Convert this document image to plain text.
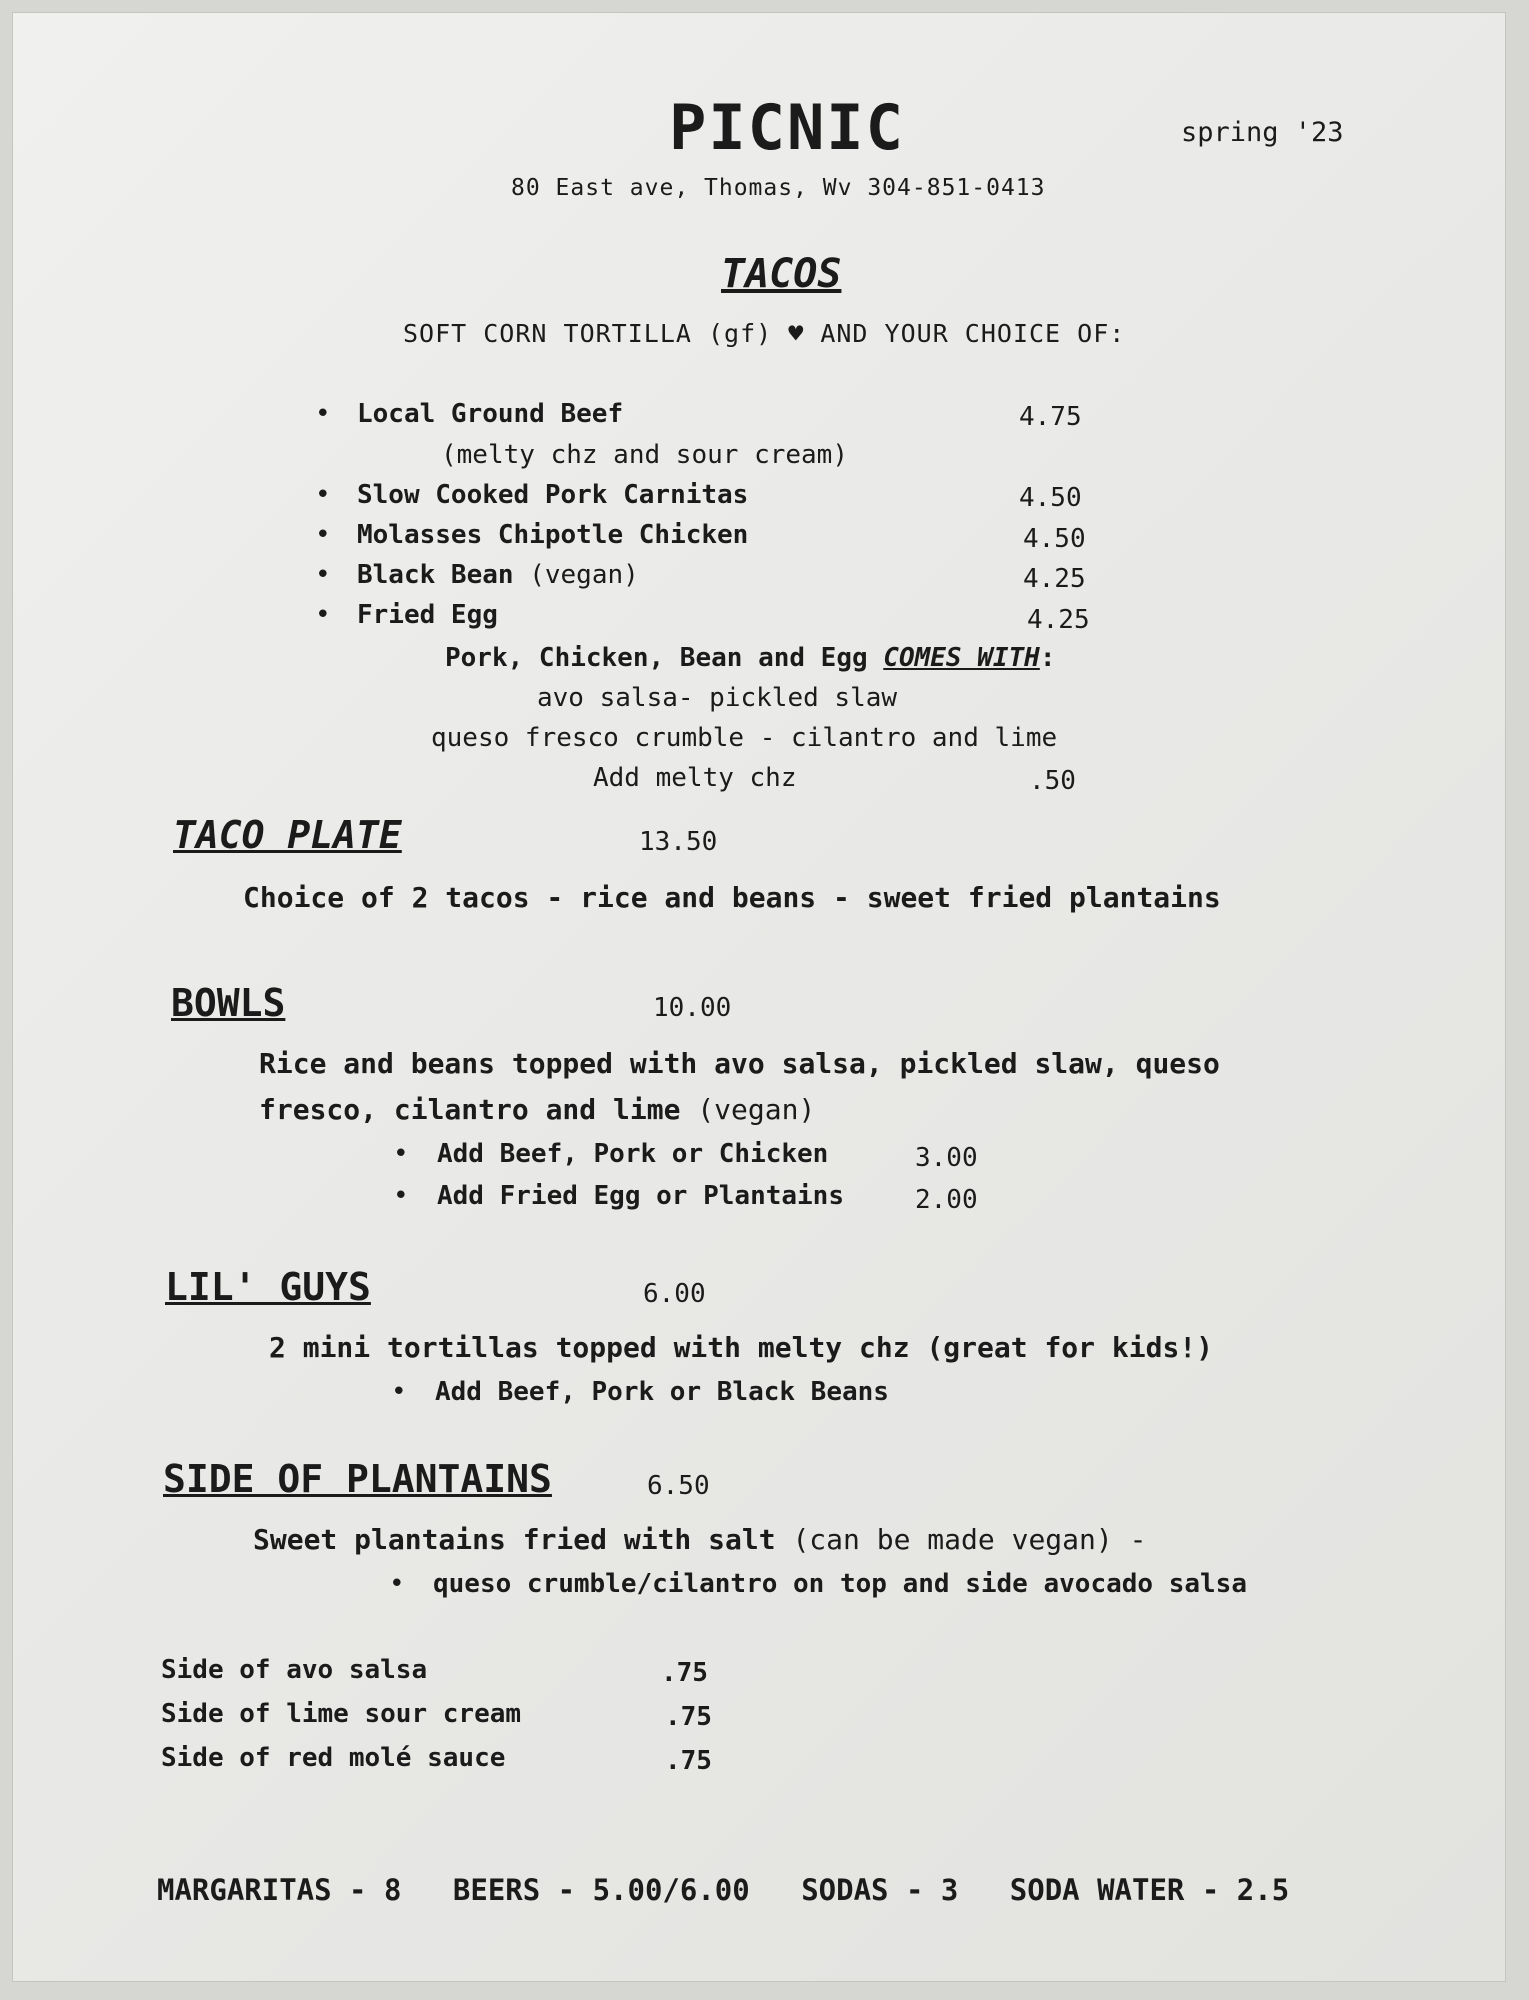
PICNIC	spring '23
80 East ave, Thomas, Wv 304-851-0413
TACOS
SOFT CORN TORTILLA (gf) ♥ AND YOUR CHOICE OF:
• Local Ground Beef	4.75
(melty chz and sour cream)
• Slow Cooked Pork Carnitas	4.50
• Molasses Chipotle Chicken	4.50
• Black Bean (vegan)	4.25
• Fried Egg	4.25
Pork, Chicken, Bean and Egg COMES WITH:
avo salsa- pickled slaw
queso fresco crumble - cilantro and lime
Add melty chz	.50
TACO PLATE	13.50
Choice of 2 tacos - rice and beans - sweet fried plantains
BOWLS	10.00
Rice and beans topped with avo salsa, pickled slaw, queso
fresco, cilantro and lime (vegan)
• Add Beef, Pork or Chicken	3.00
• Add Fried Egg or Plantains	2.00
LIL' GUYS	6.00
2 mini tortillas topped with melty chz (great for kids!)
• Add Beef, Pork or Black Beans
SIDE OF PLANTAINS	6.50
Sweet plantains fried with salt (can be made vegan) -
• queso crumble/cilantro on top and side avocado salsa
Side of avo salsa	.75
Side of lime sour cream	.75
Side of red molé sauce	.75
MARGARITAS - 8 BEERS - 5.00/6.00 SODAS - 3 SODA WATER - 2.5
